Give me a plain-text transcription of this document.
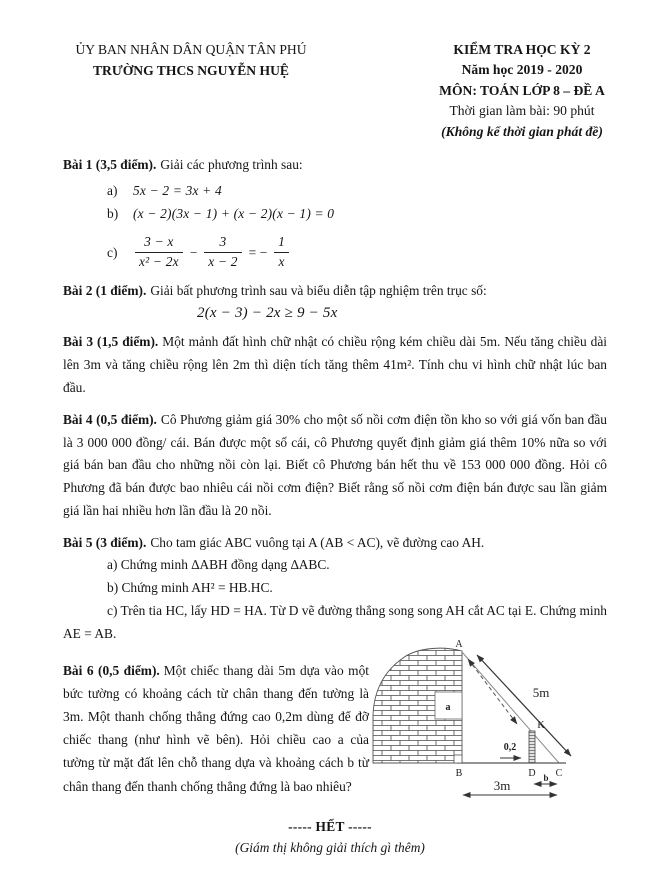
ỦY BAN NHÂN DÂN QUẬN TÂN PHÚ
TRƯỜNG THCS NGUYỄN HUỆ
KIỂM TRA HỌC KỲ 2
Năm học 2019 - 2020
MÔN: TOÁN LỚP 8 – ĐỀ A
Thời gian làm bài: 90 phút
(Không kể thời gian phát đề)

Bài 1 (3,5 điểm). Giải các phương trình sau:

a) 5x − 2 = 3x + 4
b) (x − 2)(3x − 1) + (x − 2)(x − 1) = 0
c)	$\frac{3 - x}{\text{x² − 2x}} - \frac{3}{x - 2}$ = − $\frac{1}{x}$

Bài 2 (1 điểm). Giải bất phương trình sau và biểu diễn tập nghiệm trên trục số:

2(x − 3) − 2x ≥ 9 − 5x

Bài 3 (1,5 điểm). Một mảnh đất hình chữ nhật có chiều rộng kém chiều dài 5m. Nếu tăng chiều dài lên 3m và tăng chiều rộng lên 2m thì diện tích tăng thêm 41m². Tính chu vi hình chữ nhật lúc ban đầu.

Bài 4 (0,5 điểm). Cô Phương giảm giá 30% cho một số nồi cơm điện tồn kho so với giá vốn ban đầu là 3 000 000 đồng/ cái. Bán được một số cái, cô Phương quyết định giảm giá thêm 10% nữa so với giá bán ban đầu cho những nồi còn lại. Biết cô Phương bán hết thu về 153 000 000 đồng. Hỏi cô Phương đã bán được bao nhiêu cái nồi cơm điện? Biết rằng số nồi cơm điện bán được sau lần giảm giá lần hai nhiều hơn lần đầu là 20 nồi.

Bài 5 (3 điểm). Cho tam giác ABC vuông tại A (AB < AC), vẽ đường cao AH.

a) Chứng minh ∆ABH đồng dạng ∆ABC.

b) Chứng minh AH² = HB.HC.

c) Trên tia HC, lấy HD = HA. Từ D vẽ đường thẳng song song AH cắt AC tại E. Chứng minh AE = AB.

Bài 6 (0,5 điểm). Một chiếc thang dài 5m dựa vào một bức tường có khoảng cách từ chân thang đến tường là 3m. Một thanh chống thẳng đứng cao 0,2m dùng để đỡ chiếc thang (như hình vẽ bên). Hỏi chiều cao a của tường từ mặt đất lên chỗ thang dựa và khoảng cách b từ chân thang đến thanh chống thẳng đứng là bao nhiêu?
a
5m
A
K
0,2
B	D C
b
3m
----- HẾT -----
(Giám thị không giải thích gì thêm)
